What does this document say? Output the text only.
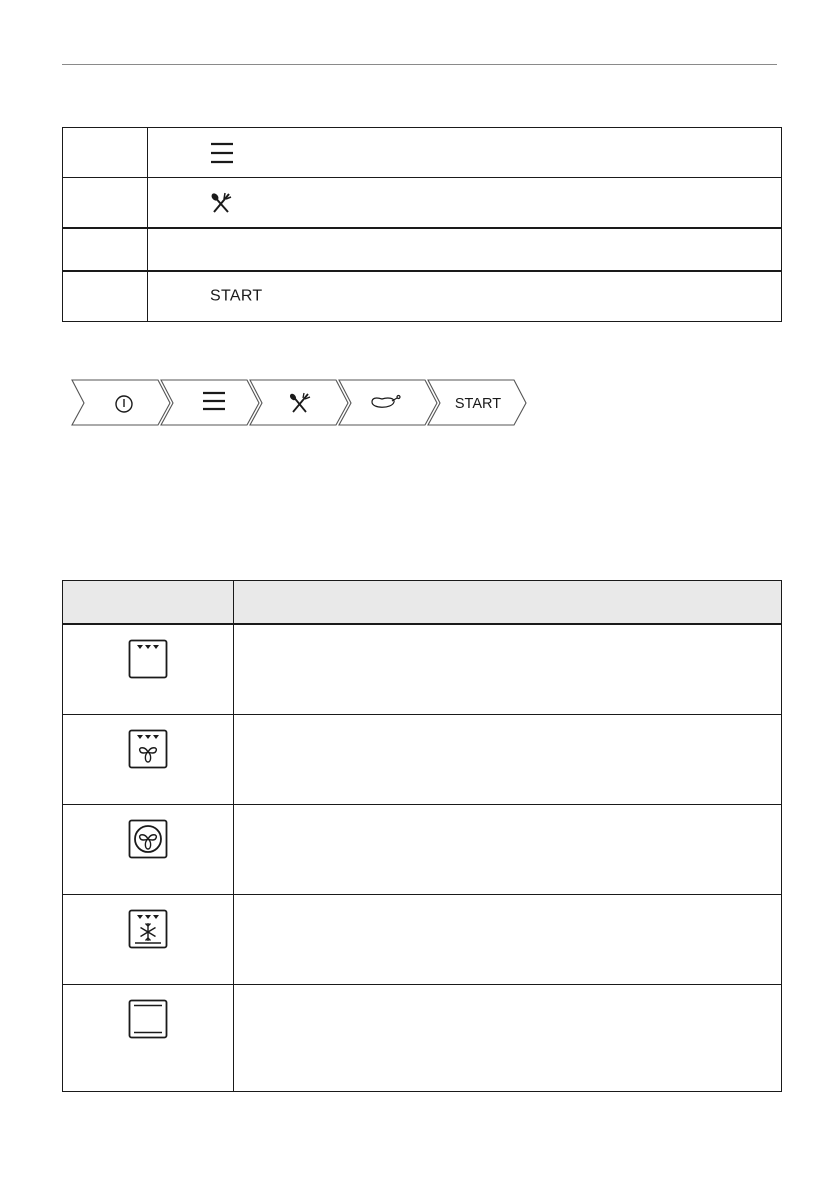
	START
START
